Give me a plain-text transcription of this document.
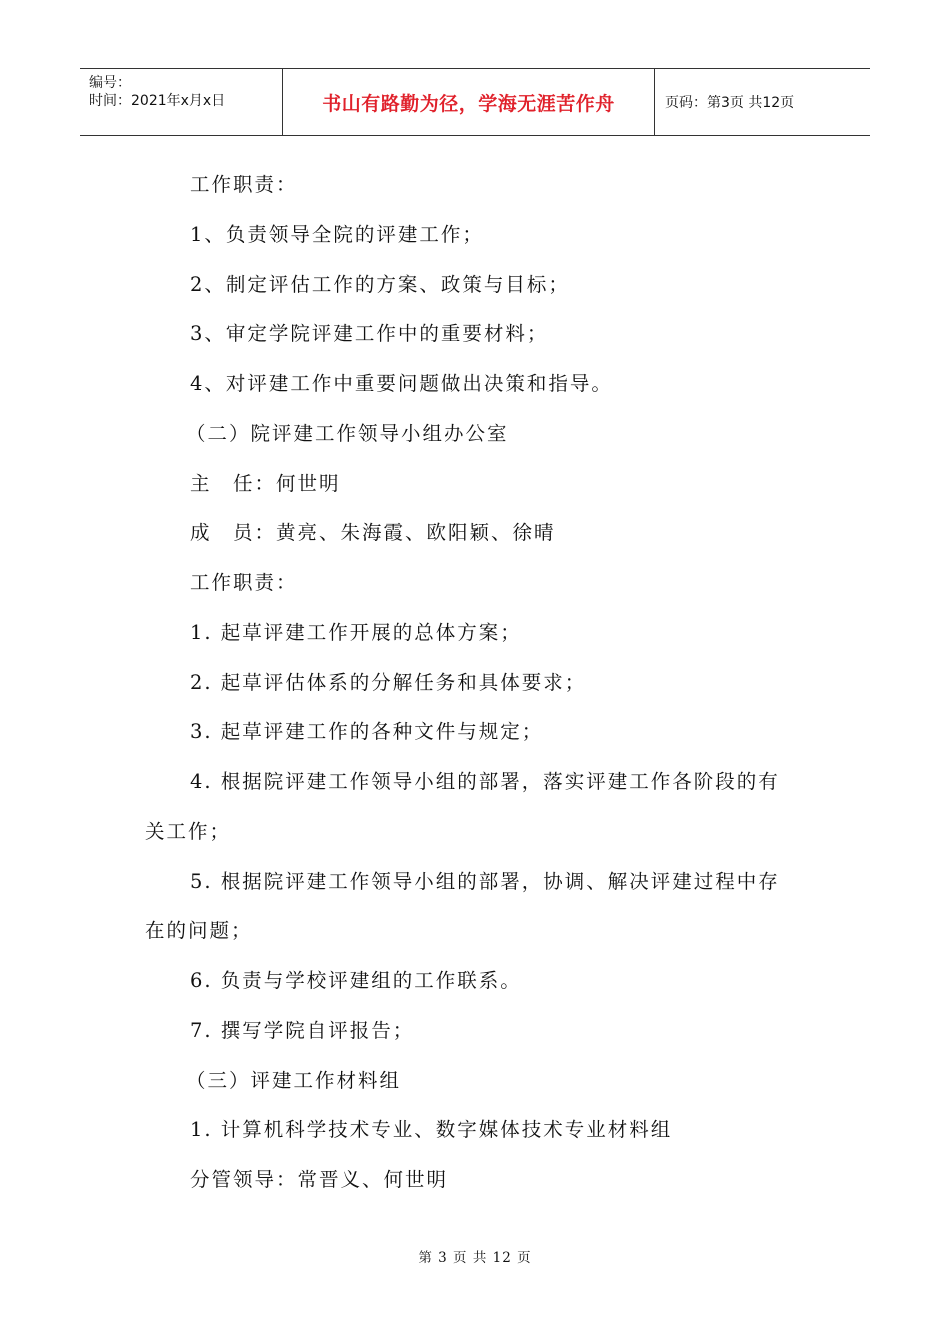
编号：
时间：2021年x月x日	书山有路勤为径，学海无涯苦作舟	页码：第3页 共12页
工作职责：
1、负责领导全院的评建工作；
2、制定评估工作的方案、政策与目标；
3、审定学院评建工作中的重要材料；
4、对评建工作中重要问题做出决策和指导。
（二）院评建工作领导小组办公室
主　任：何世明
成　员：黄亮、朱海霞、欧阳颖、徐晴
工作职责：
1. 起草评建工作开展的总体方案；
2. 起草评估体系的分解任务和具体要求；
3. 起草评建工作的各种文件与规定；
4. 根据院评建工作领导小组的部署，落实评建工作各阶段的有
关工作；
5. 根据院评建工作领导小组的部署，协调、解决评建过程中存
在的问题；
6. 负责与学校评建组的工作联系。
7. 撰写学院自评报告；
（三）评建工作材料组
1. 计算机科学技术专业、数字媒体技术专业材料组
分管领导：常晋义、何世明
第 3 页 共 12 页
